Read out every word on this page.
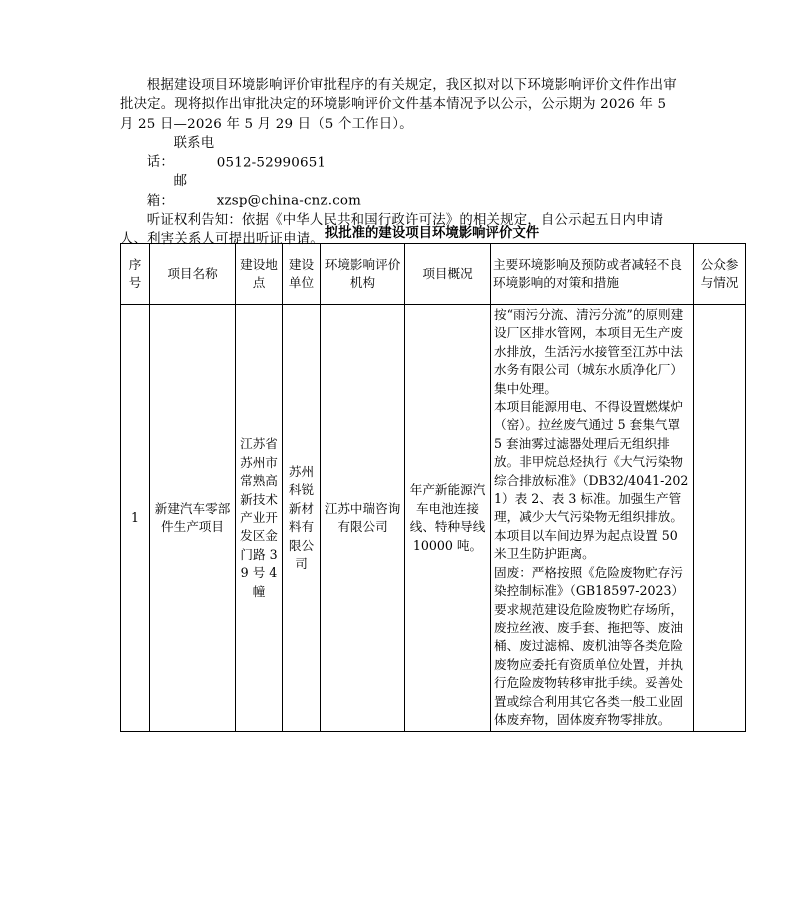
根据建设项目环境影响评价审批程序的有关规定，我区拟对以下环境影响评价文件作出审批决定。现将拟作出审批决定的环境影响评价文件基本情况予以公示，公示期为 2026 年 5 月 25 日—2026 年 5 月 29 日（5 个工作日）。

联系电话：	0512-52990651

邮　　箱：	xzsp@china-cnz.com

听证权利告知：依据《中华人民共和国行政许可法》的相关规定，自公示起五日内申请人、利害关系人可提出听证申请。 拟批准的建设项目环境影响评价文件
序号	项目名称	建设地点	建设单位	环境影响评价机构	项目概况	主要环境影响及预防或者减轻不良环境影响的对策和措施	公众参与情况
1	新建汽车零部件生产项目	江苏省苏州市常熟高新技术产业开发区金门路 39 号 4 幢	苏州科锐新材料有限公司	江苏中瑞咨询有限公司	年产新能源汽车电池连接线、特种导线10000 吨。	按“雨污分流、清污分流”的原则建设厂区排水管网，本项目无生产废水排放，生活污水接管至江苏中法水务有限公司（城东水质净化厂）集中处理。

本项目能源用电、不得设置燃煤炉（窑）。拉丝废气通过 5 套集气罩 5 套油雾过滤器处理后无组织排放。非甲烷总烃执行《大气污染物综合排放标准》（DB32/4041-2021）表 2、表 3 标准。加强生产管理，减少大气污染物无组织排放。

本项目以车间边界为起点设置 50 米卫生防护距离。

固废：严格按照《危险废物贮存污染控制标准》（GB18597-2023）要求规范建设危险废物贮存场所，废拉丝液、废手套、拖把等、废油桶、废过滤棉、废机油等各类危险废物应委托有资质单位处置，并执行危险废物转移审批手续。妥善处置或综合利用其它各类一般工业固体废弃物，固体废弃物零排放。	
